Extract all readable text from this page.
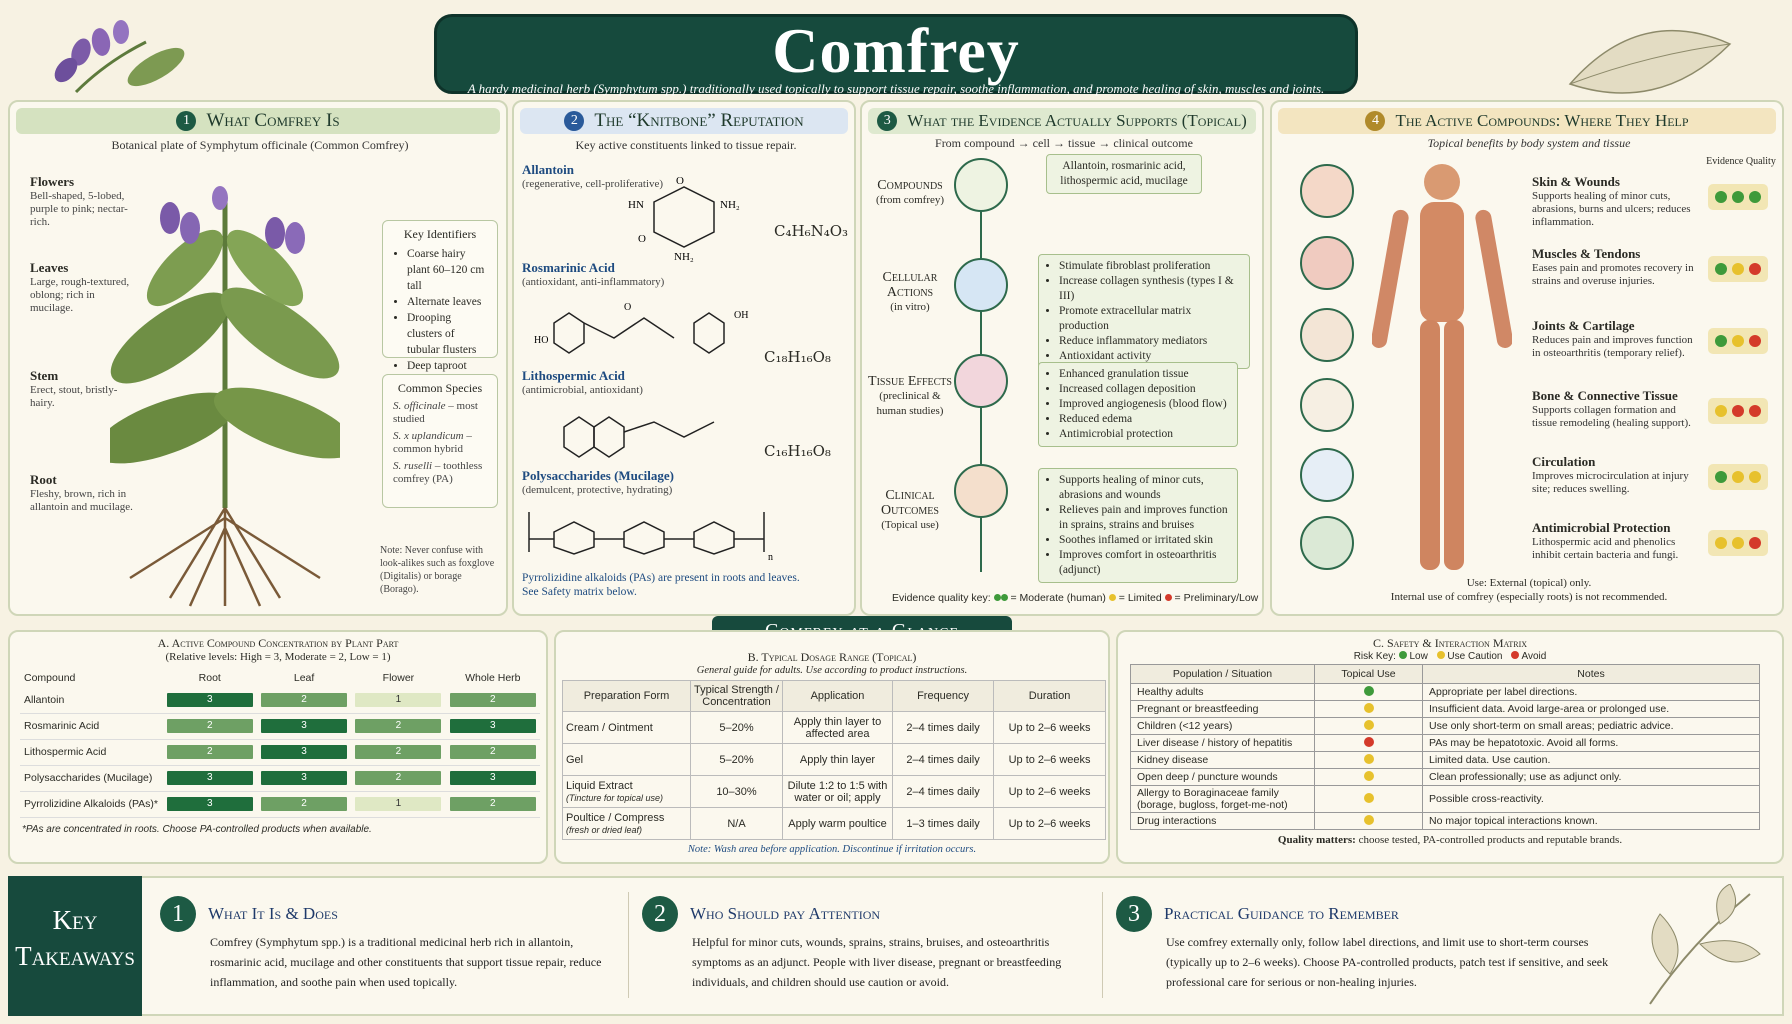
Comfrey

A hardy medicinal herb (Symphytum spp.) traditionally used topically to support tissue repair, soothe inflammation, and promote healing of skin, muscles and joints.

1 What Comfrey Is
Botanical plate of Symphytum officinale (Common Comfrey)
Flowers
Bell-shaped, 5-lobed, purple to pink; nectar-rich.
Leaves
Large, rough-textured, oblong; rich in mucilage.
Stem
Erect, stout, bristly-hairy.
Root
Fleshy, brown, rich in allantoin and mucilage.
Key Identifiers
• Coarse hairy plant 60–120 cm tall
• Alternate leaves
• Drooping clusters of tubular flusters
• Deep taproot
Common Species
S. officinale – most studied
S. x uplandicum – common hybrid
S. ruselli – toothless comfrey (PA)
Note: Never confuse with look-alikes such as foxglove (Digitalis) or borage (Borago).
2 The “Knitbone” Reputation
Key active constituents linked to tissue repair.
Allantoin
(regenerative, cell-proliferative) O
NH₂
HN
NH₂
O	C₄H₆N₄O₃
Rosmarinic Acid
(antioxidant, anti-inflammatory)
HO
OH
O
C₁₈H₁₆O₈
Lithospermic Acid
(antimicrobial, antioxidant)
C₁₆H₁₆O₈
Polysaccharides (Mucilage)
(demulcent, protective, hydrating)
n
Pyrrolizidine alkaloids (PAs) are present in roots and leaves.
See Safety matrix below.
3 What the Evidence Actually Supports (Topical)
From compound → cell → tissue → clinical outcome
Compounds
(from comfrey)
Cellular Actions
(in vitro)
Tissue Effects
(preclinical & human studies)
Clinical Outcomes
(Topical use)
Allantoin, rosmarinic acid, lithospermic acid, mucilage
• Stimulate fibroblast proliferation
• Increase collagen synthesis (types I & III)
• Promote extracellular matrix production
• Reduce inflammatory mediators
• Antioxidant activity
• Enhanced granulation tissue
• Increased collagen deposition
• Improved angiogenesis (blood flow)
• Reduced edema
• Antimicrobial protection
• Supports healing of minor cuts, abrasions and wounds
• Relieves pain and improves function in sprains, strains and bruises
• Soothes inflamed or irritated skin
• Improves comfort in osteoarthritis (adjunct)
Evidence quality key: = Moderate (human) = Limited = Preliminary/Low
4 The Active Compounds: Where They Help
Topical benefits by body system and tissue
Evidence Quality
Skin & Wounds
Supports healing of minor cuts, abrasions, burns and ulcers; reduces inflammation.
Muscles & Tendons
Eases pain and promotes recovery in strains and overuse injuries.
Joints & Cartilage
Reduces pain and improves function in osteoarthritis (temporary relief).
Bone & Connective Tissue
Supports collagen formation and tissue remodeling (healing support).
Circulation
Improves microcirculation at injury site; reduces swelling.
Antimicrobial Protection
Lithospermic acid and phenolics inhibit certain bacteria and fungi.
Use: External (topical) only.
Internal use of comfrey (especially roots) is not recommended.
A. Active Compound Concentration by Plant Part
(Relative levels: High = 3, Moderate = 2, Low = 1)
Compound	Root	Leaf	Flower	Whole Herb
Allantoin	3	2	1	2

Rosmarinic Acid	2	3	2	3

Lithospermic Acid	2	3	2	2

Polysaccharides (Mucilage)	3	3	2	3

Pyrrolizidine Alkaloids (PAs)*	3	2	1	2
*PAs are concentrated in roots. Choose PA-controlled products when available.
B. Typical Dosage Range (Topical)
General guide for adults. Use according to product instructions.
Preparation Form	Typical Strength / Concentration	Application	Frequency	Duration

Cream / Ointment	5–20%	Apply thin layer to affected area	2–4 times daily	Up to 2–6 weeks

Gel	5–20%	Apply thin layer	2–4 times daily	Up to 2–6 weeks

Liquid Extract
(Tincture for topical use)	10–30%	Dilute 1:2 to 1:5 with water or oil; apply	2–4 times daily	Up to 2–6 weeks

Poultice / Compress
(fresh or dried leaf)	N/A	Apply warm poultice	1–3 times daily	Up to 2–6 weeks
Note: Wash area before application. Discontinue if irritation occurs.
C. Safety & Interaction Matrix
Risk Key: Low Use Caution Avoid
Population / Situation	Topical Use	Notes
Healthy adults		Appropriate per label directions.
Pregnant or breastfeeding		Insufficient data. Avoid large-area or prolonged use.
Children (<12 years)		Use only short-term on small areas; pediatric advice.
Liver disease / history of hepatitis		PAs may be hepatotoxic. Avoid all forms.
Kidney disease		Limited data. Use caution.
Open deep / puncture wounds		Clean professionally; use as adjunct only.
Allergy to Boraginaceae family (borage, bugloss, forget-me-not)		Possible cross-reactivity.
Drug interactions		No major topical interactions known.
Quality matters: choose tested, PA-controlled products and reputable brands.
Key Takeaways
1	What It Is & Does
Comfrey (Symphytum spp.) is a traditional medicinal herb rich in allantoin, rosmarinic acid, mucilage and other constituents that support tissue repair, reduce inflammation, and soothe pain when used topically.
2	Who Should pay Attention
Helpful for minor cuts, wounds, sprains, strains, bruises, and osteoarthritis symptoms as an adjunct. People with liver disease, pregnant or breastfeeding individuals, and children should use caution or avoid.
3	Practical Guidance to Remember
Use comfrey externally only, follow label directions, and limit use to short-term courses (typically up to 2–6 weeks). Choose PA-controlled products, patch test if sensitive, and seek professional care for serious or non-healing injuries.
